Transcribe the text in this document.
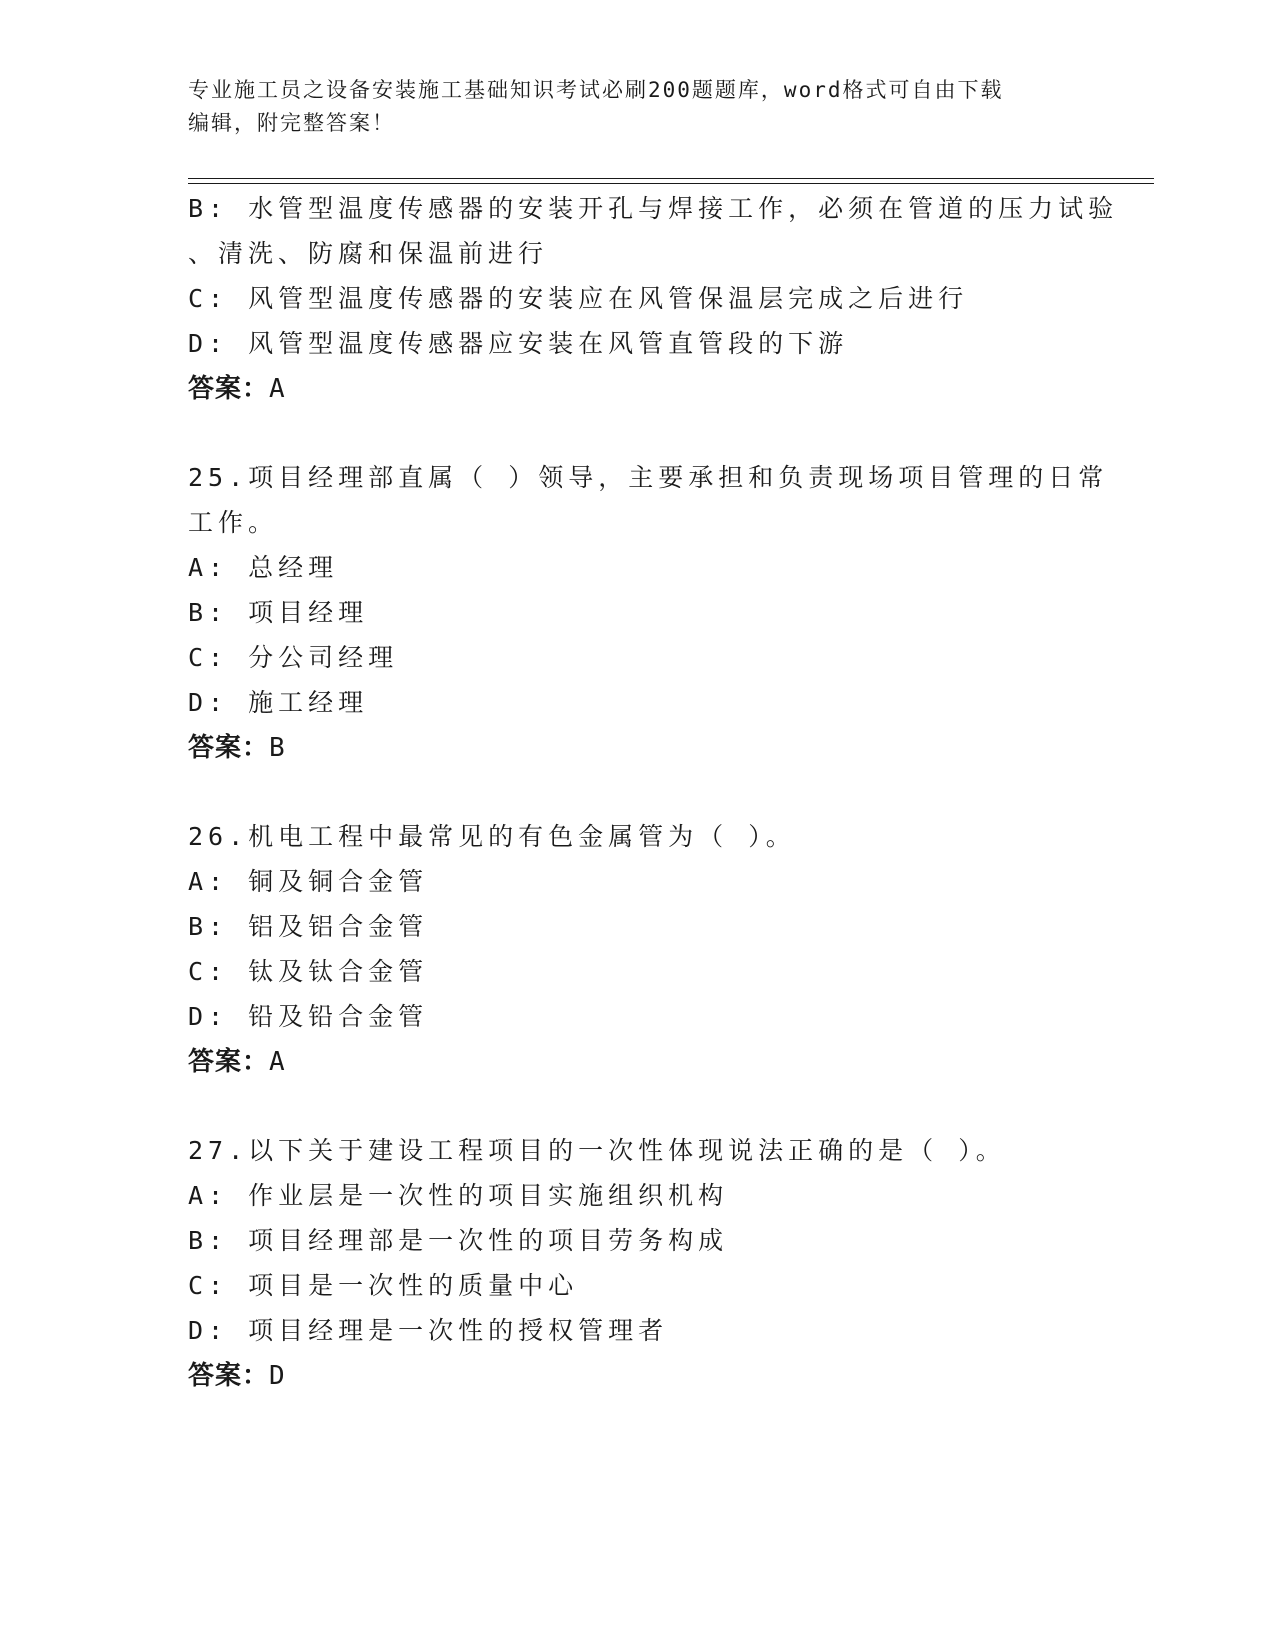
专业施工员之设备安装施工基础知识考试必刷200题题库，word格式可自由下载
编辑，附完整答案！
B: 水管型温度传感器的安装开孔与焊接工作，必须在管道的压力试验
、清洗、防腐和保温前进行
C: 风管型温度传感器的安装应在风管保温层完成之后进行
D: 风管型温度传感器应安装在风管直管段的下游
答案：A
25.项目经理部直属（ ）领导，主要承担和负责现场项目管理的日常
工作。
A: 总经理
B: 项目经理
C: 分公司经理
D: 施工经理
答案：B
26.机电工程中最常见的有色金属管为（ ）。
A: 铜及铜合金管
B: 铝及铝合金管
C: 钛及钛合金管
D: 铅及铅合金管
答案：A
27.以下关于建设工程项目的一次性体现说法正确的是（ ）。
A: 作业层是一次性的项目实施组织机构
B: 项目经理部是一次性的项目劳务构成
C: 项目是一次性的质量中心
D: 项目经理是一次性的授权管理者
答案：D
